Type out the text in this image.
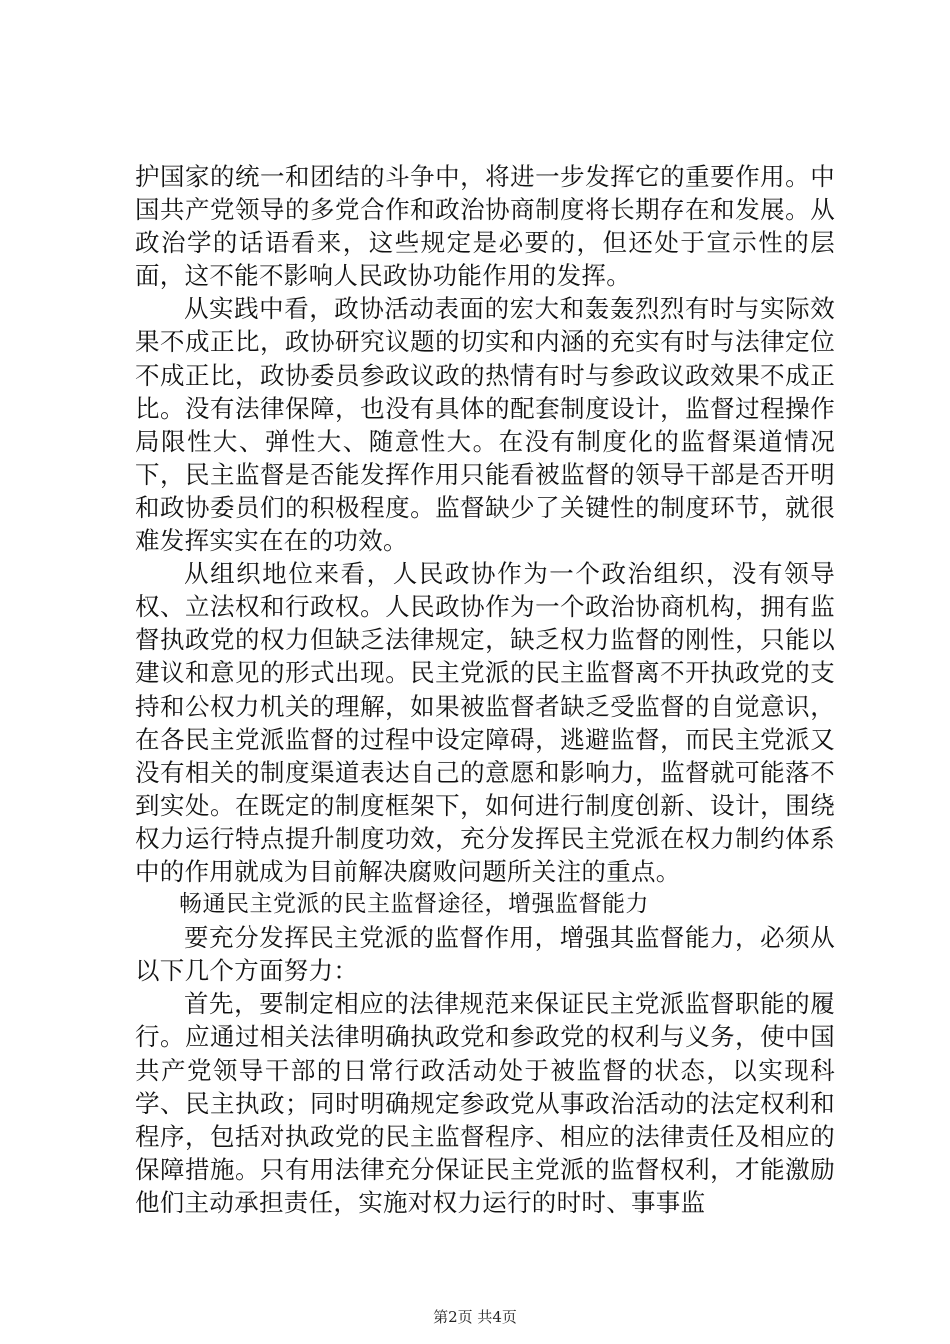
护国家的统一和团结的斗争中，将进一步发挥它的重要作用。中国共产党领导的多党合作和政治协商制度将长期存在和发展。从政治学的话语看来，这些规定是必要的，但还处于宣示性的层面，这不能不影响人民政协功能作用的发挥。

从实践中看，政协活动表面的宏大和轰轰烈烈有时与实际效果不成正比，政协研究议题的切实和内涵的充实有时与法律定位不成正比，政协委员参政议政的热情有时与参政议政效果不成正比。没有法律保障，也没有具体的配套制度设计，监督过程操作局限性大、弹性大、随意性大。在没有制度化的监督渠道情况下，民主监督是否能发挥作用只能看被监督的领导干部是否开明和政协委员们的积极程度。监督缺少了关键性的制度环节，就很难发挥实实在在的功效。

从组织地位来看，人民政协作为一个政治组织，没有领导权、立法权和行政权。人民政协作为一个政治协商机构，拥有监督执政党的权力但缺乏法律规定，缺乏权力监督的刚性，只能以建议和意见的形式出现。民主党派的民主监督离不开执政党的支持和公权力机关的理解，如果被监督者缺乏受监督的自觉意识，在各民主党派监督的过程中设定障碍，逃避监督，而民主党派又没有相关的制度渠道表达自己的意愿和影响力，监督就可能落不到实处。在既定的制度框架下，如何进行制度创新、设计，围绕权力运行特点提升制度功效，充分发挥民主党派在权力制约体系中的作用就成为目前解决腐败问题所关注的重点。

畅通民主党派的民主监督途径，增强监督能力

要充分发挥民主党派的监督作用，增强其监督能力，必须从以下几个方面努力：

首先，要制定相应的法律规范来保证民主党派监督职能的履行。应通过相关法律明确执政党和参政党的权利与义务，使中国共产党领导干部的日常行政活动处于被监督的状态，以实现科学、民主执政；同时明确规定参政党从事政治活动的法定权利和程序，包括对执政党的民主监督程序、相应的法律责任及相应的保障措施。只有用法律充分保证民主党派的监督权利，才能激励他们主动承担责任，实施对权力运行的时时、事事监

第2页 共4页
